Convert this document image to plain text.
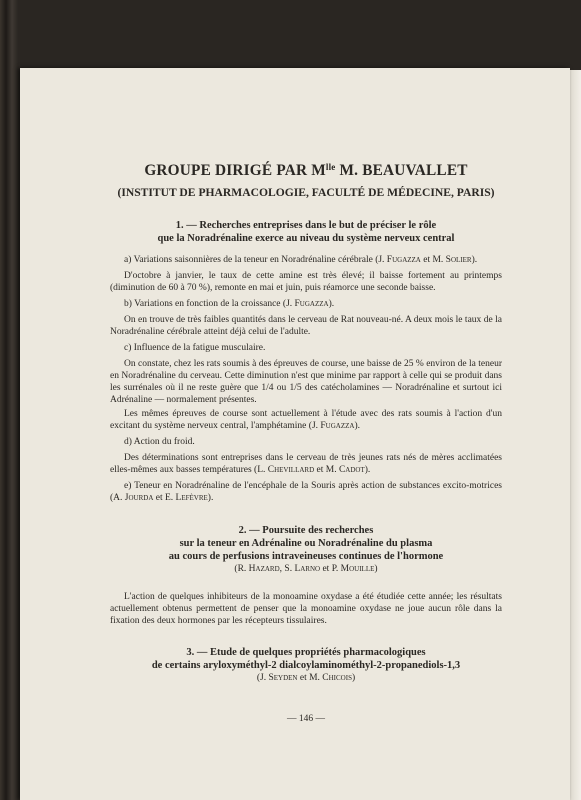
GROUPE DIRIGÉ PAR $M^{lle}$ M. BEAUVALLET

(INSTITUT DE PHARMACOLOGIE, FACULTÉ DE MÉDECINE, PARIS)

1. — Recherches entreprises dans le but de préciser le rôle

que la Noradrénaline exerce au niveau du système nerveux central

a) Variations saisonnières de la teneur en Noradrénaline cérébrale (J. Fugazza et M. Solier).

D'octobre à janvier, le taux de cette amine est très élevé; il baisse fortement au printemps (diminution de 60 à 70 %), remonte en mai et juin, puis réamorce une seconde baisse.

b) Variations en fonction de la croissance (J. Fugazza).

On en trouve de très faibles quantités dans le cerveau de Rat nouveau-né. A deux mois le taux de la Noradrénaline cérébrale atteint déjà celui de l'adulte.

c) Influence de la fatigue musculaire.

On constate, chez les rats soumis à des épreuves de course, une baisse de 25 % environ de la teneur en Noradrénaline du cerveau. Cette diminution n'est que minime par rapport à celle qui se produit dans les surrénales où il ne reste guère que 1/4 ou 1/5 des catécholamines — Noradrénaline et surtout ici Adrénaline — normalement présentes.

Les mêmes épreuves de course sont actuellement à l'étude avec des rats soumis à l'action d'un excitant du système nerveux central, l'amphétamine (J. Fugazza).

d) Action du froid.

Des déterminations sont entreprises dans le cerveau de très jeunes rats nés de mères acclimatées elles-mêmes aux basses températures (L. Chevillard et M. Cadot).

e) Teneur en Noradrénaline de l'encéphale de la Souris après action de substances excito-motrices (A. Jourda et E. Lefèvre).

2. — Poursuite des recherches

sur la teneur en Adrénaline ou Noradrénaline du plasma

au cours de perfusions intraveineuses continues de l'hormone

(R. Hazard, S. Larno et P. Mouille)

L'action de quelques inhibiteurs de la monoamine oxydase a été étudiée cette année; les résultats actuellement obtenus permettent de penser que la monoamine oxydase ne joue aucun rôle dans la fixation des deux hormones par les récepteurs tissulaires.

3. — Etude de quelques propriétés pharmacologiques

de certains aryloxyméthyl-2 dialcoylaminométhyl-2-propanediols-1,3

(J. Seyden et M. Chicois)

— 146 —
